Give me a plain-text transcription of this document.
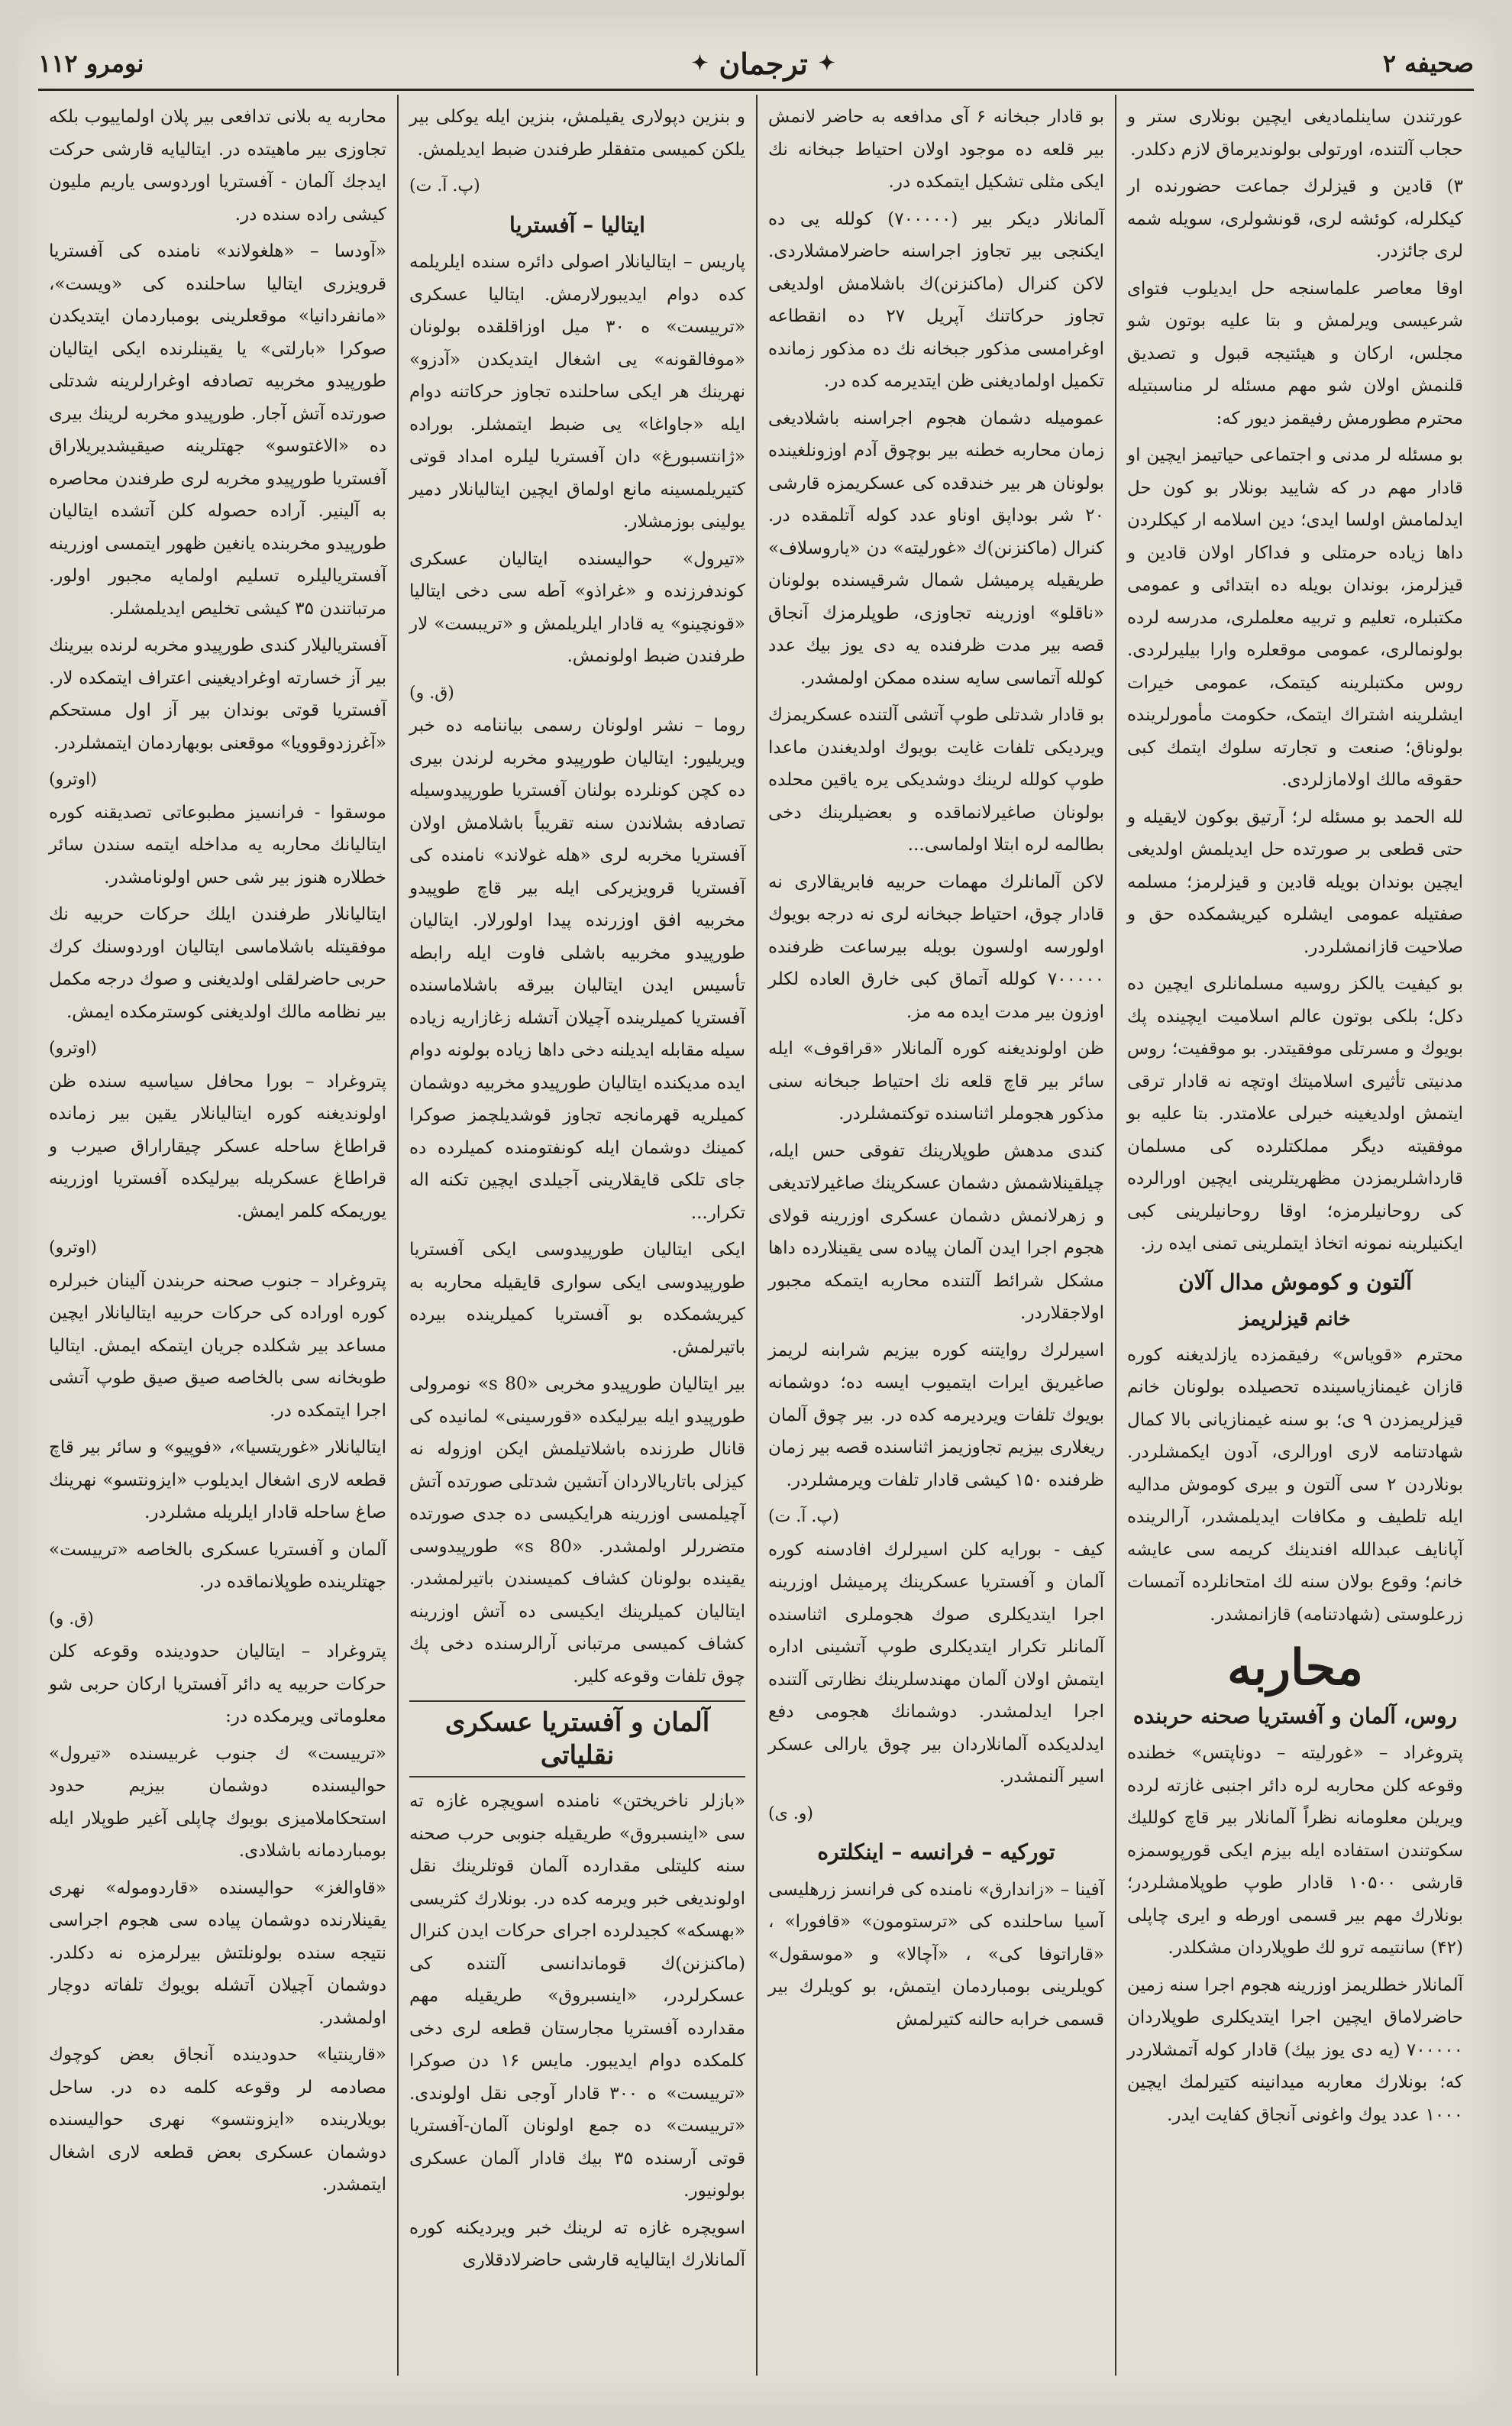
صحیفه ۲
✦
ترجمان
✦
نومرو ۱۱۲

عورتندن ساینلماديغی ایچین بونلاری ستر و حجاب آلتنده، اورتولی بولوندیرماق لازم دکلدر.

۳) قادین و قیزلرك جماعت حضورنده ار كيكلرله، كوئشه لری، قونشولری، سویله شمه لری جائزدر.

اوقا معاصر علماسنجه حل ایدیلوب فتوای شرعیسی ویرلمش و بتا علیه بوتون شو مجلس، ارکان و هیئتیجه قبول و تصدیق قلنمش اولان شو مهم مسئله لر مناسبتیله محترم مطورمش رفیقمز دیور که:

بو مسئله لر مدنی و اجتماعی حیاتیمز ایچین او قادار مهم در که شایید بونلار بو کون حل ایدلمامش اولسا ایدی؛ دین اسلامه ار کیکلردن داها زیاده حرمتلی و فداکار اولان قادین و قیزلرمز، بوندان بویله ده ابتدائی و عمومی مکتبلره، تعلیم و تربیه معلملری، مدرسه لرده بولونمالری، عمومی موقعلره وارا بیلیرلردی. روس مکتبلرینه کیتمک، عمومی خیرات ایشلرینه اشتراك ایتمک، حکومت مأمورلرینده بولوناق؛ صنعت و تجارته سلوك ایتمك کبی حقوقه مالك اولامازلردی.

لله الحمد بو مسئله لر؛ آرتیق بوکون لایقیله و حتی قطعی بر صورتده حل ایدیلمش اولدیغی ایچین بوندان بویله قادین و قیزلرمز؛ مسلمه صفتیله عمومی ایشلره کیریشمكده حق و صلاحیت قازانمشلردر.

بو کیفیت یالکز روسیه مسلمانلری ایچین ده دکل؛ بلکی بوتون عالم اسلامیت ایچینده پك بویوك و مسرتلی موفقیتدر. بو موقفیت؛ روس مدنیتی تأثیری اسلامیتك اوتچه نه قادار ترقی ایتمش اولدیغینه خبرلی علامتدر. بتا علیه بو موفقیته دیگر مملکتلرده کی مسلمان قارداشلریمزدن مظهریتلرینی ایچین اورالرده کی روحانیلرمزه؛ اوقا روحانیلرینی کبی ایکنیلرینه نمونه اتخاذ ایتملرینی تمنی ایده رز.

آلتون و کوموش مدال آلان
خانم قیزلریمز

محترم «قویاس» رفیقمزده یازلدیغنه کوره قازان غیمنازیاسینده تحصیلده بولونان خانم قیزلریمزدن ۹ ی؛ بو سنه غیمنازیانی بالا کمال شهادتنامه لاری اورالری، آدون ایکمشلردر. بونلاردن ۲ سی آلتون و بیری کوموش مدالیه ایله تلطیف و مکافات ایدیلمشدر، آرالرینده آپانایف عبدالله افندینك کریمه سی عایشه خانم؛ وقوع بولان سنه لك امتحانلرده آتمسات زرعلوستی (شهادتنامه) قازانمشدر.

محاربه
روس، آلمان و آفستریا صحنه حربنده

پتروغراد – «غورلیته – دوناپتس» خطنده وقوعه كلن محاربه لره دائر اجنبی غازته لرده ویریلن معلومانه نظراً آلمانلار بیر قاچ کوللیك سکوتندن استفاده ایله بیزم ایکی قورپوسمزه قارشی ۱۰۵۰۰ قادار طوپ طوپلامشلردر؛ بونلارك مهم بیر قسمی اورطه و ایری چاپلی (۴۲) سانتیمه ترو لك طوپلاردان مشکلدر.

آلمانلار خطلریمز اوزرینه هجوم اجرا سنه زمین حاضرلاماق ایچین اجرا ایتدیکلری طوپلاردان ۷۰۰۰۰۰ (یه دی یوز بیك) قادار کوله آتمشلاردر که؛ بونلارك معاربه میدانینه کتیرلمك ایچین ۱۰۰۰ عدد یوك واغونی آنجاق کفایت ایدر.

بو قادار جبخانه ۶ آی مدافعه به حاضر لانمش بیر قلعه ده موجود اولان احتیاط جبخانه نك ایکی مثلی تشکیل ایتمکده در.

آلمانلار دیکر بیر (۷۰۰۰۰۰) کولله یی ده ایکنجی بیر تجاوز اجراسنه حاضرلامشلاردی. لاکن کنرال (ماکنزنن)ك باشلامش اولدیغی تجاوز حرکاتنك آپریل ۲۷ ده انقطاعه اوغرامسی مذکور جبخانه نك ده مذکور زمانده تکمیل اولمادیغنی ظن ایتدیرمه کده در.

عمومیله دشمان هجوم اجراسنه باشلادیغی زمان محاربه خطنه بیر بوچوق آدم اوزونلغینده بولونان هر بیر خندقده کی عسکریمزه قارشی ۲۰ شر بوداپق اوناو عدد کوله آتلمقده در. کنرال (ماکنزنن)ك «غورلیته» دن «یاروسلاف» طریقیله پرمیشل شمال شرقیسنده بولونان «ناقلو» اوزرینه تجاوزی، طوپلرمزك آنجاق قصه بیر مدت ظرفنده یه دی یوز بیك عدد کولله آتماسی سایه سنده ممکن اولمشدر.

بو قادار شدتلی طوپ آتشی آلتنده عسکریمزك ویردیکی تلفات غایت بویوك اولدیغندن ماعدا طوپ کولله لرینك دوشدیکی یره یاقین محلده بولونان صاغیرلانماقده و بعضیلرینك دخی بطالمه لره ابتلا اولماسی...

لاکن آلمانلرك مهمات حربیه فابریقالاری نه قادار چوق، احتیاط جبخانه لری نه درجه بویوك اولورسه اولسون بویله بیرساعت ظرفنده ۷۰۰۰۰۰ کولله آتماق کبی خارق العاده لکلر اوزون بیر مدت ایده مه مز.

ظن اولوندیغنه کوره آلمانلار «قراقوف» ایله سائر بیر قاچ قلعه نك احتیاط جبخانه سنی مذکور هجوملر اثناسنده توکتمشلردر.

کندی مدهش طوپلارینك تفوقی حس ایله، چیلقینلاشمش دشمان عسکرینك صاغیرلاتدیغی و زهرلانمش دشمان عسکری اوزرینه قولای هجوم اجرا ایدن آلمان پیاده سی یقینلارده داها مشکل شرائط آلتنده محاربه ایتمکه مجبور اولاجقلاردر.

اسیرلرك روایتنه کوره بیزیم شرابنه لریمز صاغیریق ایرات ایتمیوب ایسه ده؛ دوشمانه بویوك تلفات ویردیرمه کده در. بیر چوق آلمان ریغلاری بیزیم تجاوزیمز اثناسنده قصه بیر زمان ظرفنده ۱۵۰ کیشی قادار تلفات ویرمشلردر.

(پ. آ. ت)

کیف - بورایه کلن اسیرلرك افادسنه کوره آلمان و آفستریا عسکرینك پرمیشل اوزرینه اجرا ایتدیکلری صوك هجوملری اثناسنده آلمانلر تکرار ایتدیکلری طوپ آتشینی اداره ایتمش اولان آلمان مهندسلرینك نظارتی آلتنده اجرا ایدلمشدر. دوشمانك هجومی دفع ایدلدیکده آلمانلاردان بیر چوق یارالی عسکر اسیر آلنمشدر.

(و. ی)
تورکیه – فرانسه – اینکلتره

آفینا – «زاندارق» نامنده کی فرانسز زرهلیسی آسیا ساحلنده کی «ترستومون» «قافورا» ، «قاراتوفا کی» ، «آچالا» و «موسقول» کویلرینی بومباردمان ایتمش، بو کویلرك بیر قسمی خرابه حالنه کتیرلمش

و بنزین دپولاری یقیلمش، بنزین ایله یوکلی بیر یلکن کمیسی متفقلر طرفندن ضبط ایدیلمش.

(پ. آ. ت)
ایتالیا – آفستریا

پاریس – ایتالیانلار اصولی دائره سنده ایلریلمه کده دوام ایدیبورلارمش. ایتالیا عسکری «ترییست» ه ۳۰ میل اوزاقلقده بولونان «موفالقونه» یی اشغال ایتدیکدن «آدزو» نهرینك هر ایکی ساحلنده تجاوز حرکاتنه دوام ایله «جاواغا» یی ضبط ایتمشلر. بوراده «ژانتسبورغ» دان آفستریا لیلره امداد قوتی کتیریلمسینه مانع اولماق ایچین ایتالیانلار دمیر یولینی بوزمشلار.

«تیرول» حوالیسنده ایتالیان عسکری کوندفرزنده و «غراذو» آطه سی دخی ایتالیا «قونچینو» یه قادار ایلریلمش و «تریبست» لار طرفندن ضبط اولونمش.

(ق. و)

روما – نشر اولونان رسمی بیاننامه ده خبر ویریلیور: ایتالیان طورپیدو مخربه لرندن بیری ده کچن کونلرده بولنان آفستریا طورپیدوسیله تصادفه بشلاندن سنه تقریباً باشلامش اولان آفستریا مخربه لری «هله غولاند» نامنده کی آفستریا قرویزیرکی ایله بیر قاچ طوپیدو مخربیه افق اوزرنده پیدا اولورلار. ایتالیان طورپیدو مخربیه باشلی فاوت ایله رابطه تأسیس ایدن ایتالیان بیرقه باشلاماسنده آفستریا کمیلرینده آچیلان آتشله زغازاریه زیاده سیله مقابله ایدیلنه دخی داها زیاده بولونه دوام ایده مدیکنده ایتالیان طورپیدو مخربیه دوشمان کمیلریه قهرمانجه تجاوز قوشدیلچمز صوکرا کمینك دوشمان ایله کونفتومنده کمیلرده ده جای تلکی قایقلارینی آجیلدی ایچین تکنه اله تکرار...

ایکی ایتالیان طورپیدوسی ایکی آفستریا طورپیدوسی ایکی سواری قایقیله محاربه به کیریشمکده بو آفستریا کمیلرینده بیرده باتیرلمش.

بیر ایتالیان طورپیدو مخربی «80 s» نومرولی طورپیدو ایله بیرلیکده «قورسینی» لمانیده کی قانال طرزنده باشلاتیلمش ایکن اوزوله نه کیزلی باتاریالاردان آتشین شدتلی صورتده آتش آچیلمسی اوزرینه هرایکیسی ده جدی صورتده متضررلر اولمشدر. «80 s» طورپیدوسی یقینده بولونان کشاف کمیسندن باتیرلمشدر. ایتالیان کمیلرینك ایکیسی ده آتش اوزرینه کشاف کمیسی مرتبانی آرالرسنده دخی پك چوق تلفات وقوعه کلیر.

آلمان و آفستریا عسکری نقلیاتی

«بازلر ناخریختن» نامنده اسویچره غازه ته سی «اینسبروق» طریقیله جنوبی حرب صحنه سنه کلیتلی مقدارده آلمان قوتلرینك نقل اولوندیغی خبر ویرمه کده در. بونلارك کثریسی «بهسکه» کجیدلرده اجرای حرکات ایدن کنرال (ماکنزنن)ك قوماندانسی آلتنده کی عسکرلردر، «اینسبروق» طریقیله مهم مقدارده آفستریا مجارستان قطعه لری دخی کلمکده دوام ایدیبور. مایس ۱۶ دن صوکرا «ترییست» ه ۳۰۰ قادار آوجی نقل اولوندی. «ترییست» ده جمع اولونان آلمان-آفستریا قوتی آرسنده ۳۵ بیك قادار آلمان عسکری بولونیور.

اسویچره غازه ته لرینك خبر ویردیکنه کوره آلمانلارك ایتالیایه قارشی حاضرلادقلاری

محاربه یه بلانی تدافعی بیر پلان اولماییوب بلکه تجاوزی بیر ماهیتده در. ایتالیایه قارشی حرکت ایدجك آلمان - آفستریا اوردوسی یاریم ملیون کیشی راده سنده در.

«آودسا – «هلغولاند» نامنده کی آفستریا قرویزری ایتالیا ساحلنده کی «ویست»، «مانفردانیا» موقعلرینی بومباردمان ایتدیکدن صوکرا «بارلتی» یا یقینلرنده ایکی ایتالیان طورپیدو مخربیه تصادفه اوغرارلرینه شدتلی صورتده آتش آجار. طورپیدو مخربه لرینك بیری ده «الاغتوسو» جهتلرینه صیقیشدیریلاراق آفستریا طورپیدو مخربه لری طرفندن محاصره به آلینیر. آراده حصوله کلن آتشده ایتالیان طورپیدو مخربنده یانغین ظهور ایتمسی اوزرینه آفستریالیلره تسلیم اولمایه مجبور اولور. مرتباتندن ۳۵ کیشی تخلیص ایدیلمشلر.

آفستریالیلار کندی طورپیدو مخربه لرنده بیرینك بیر آز خسارته اوغرادیغینی اعتراف ایتمکده لار. آفستریا قوتی بوندان بیر آز اول مستحکم «آغرزدوقوویا» موقعنی بوبهاردمان ایتمشلردر.

(اوترو)

موسقوا - فرانسیز مطبوعاتی تصدیقنه کوره ایتالیانك محاربه یه مداخله ایتمه سندن سائر خطلاره هنوز بیر شی حس اولونامشدر.

ایتالیانلار طرفندن ایلك حرکات حربیه نك موفقیتله باشلاماسی ایتالیان اوردوسنك کرك حربی حاضرلقلی اولدیغنی و صوك درجه مکمل بیر نظامه مالك اولدیغنی کوسترمکده ایمش.

(اوترو)

پتروغراد – بورا محافل سیاسیه سنده ظن اولوندیغنه کوره ایتالیانلار یقین بیر زمانده قراطاغ ساحله عسکر چیقاراراق صیرب و قراطاغ عسکریله بیرلیکده آفستریا اوزرینه یوریمکه کلمر ایمش.

(اوترو)

پتروغراد – جنوب صحنه حربندن آلینان خبرلره کوره اوراده کی حرکات حربیه ایتالیانلار ایچین مساعد بیر شکلده جریان ایتمکه ایمش. ایتالیا طوبخانه سی بالخاصه صیق صیق طوپ آتشی اجرا ایتمکده در.

ایتالیانلار «غوریتسیا»، «فوپیو» و سائر بیر قاچ قطعه لاری اشغال ایدیلوب «ایزونتسو» نهرینك صاغ ساحله قادار ایلریله مشلردر.

آلمان و آفستریا عسکری بالخاصه «ترییست» جهتلرینده طوپلانماقده در.

(ق. و)

پتروغراد – ایتالیان حدودینده وقوعه کلن حرکات حربیه یه دائر آفستریا ارکان حربی شو معلوماتی ویرمکده در:

«ترییست» ك جنوب غربیسنده «تیرول» حوالیسنده دوشمان بیزیم حدود استحکاملامیزی بویوك چاپلی آغیر طوپلار ایله بومباردمانه باشلادی.

«قاوالغز» حوالیسنده «قاردوموله» نهری یقینلارنده دوشمان پیاده سی هجوم اجراسی نتیجه سنده بولونلتش بیرلرمزه نه دکلدر. دوشمان آچیلان آتشله بویوك تلفاته دوچار اولمشدر.

«قارینتیا» حدودینده آنجاق بعض کوچوك مصادمه لر وقوعه کلمه ده در. ساحل بویلارینده «ایزونتسو» نهری حوالیسنده دوشمان عسکری بعض قطعه لاری اشغال ایتمشدر.
